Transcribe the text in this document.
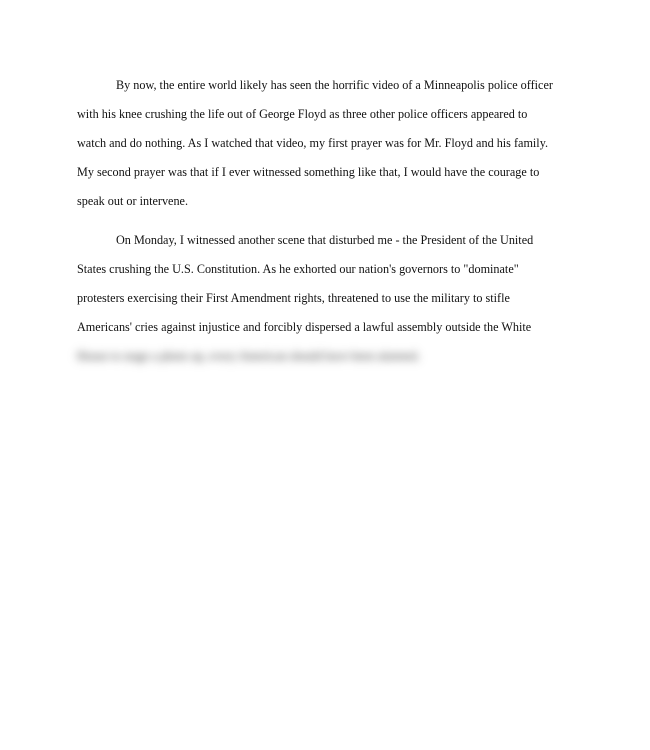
By now, the entire world likely has seen the horrific video of a Minneapolis police officer
with his knee crushing the life out of George Floyd as three other police officers appeared to
watch and do nothing. As I watched that video, my first prayer was for Mr. Floyd and his family.
My second prayer was that if I ever witnessed something like that, I would have the courage to
speak out or intervene.
On Monday, I witnessed another scene that disturbed me - the President of the United
States crushing the U.S. Constitution. As he exhorted our nation's governors to "dominate"
protesters exercising their First Amendment rights, threatened to use the military to stifle
Americans' cries against injustice and forcibly dispersed a lawful assembly outside the White
House to stage a photo op, every American should have been alarmed.
